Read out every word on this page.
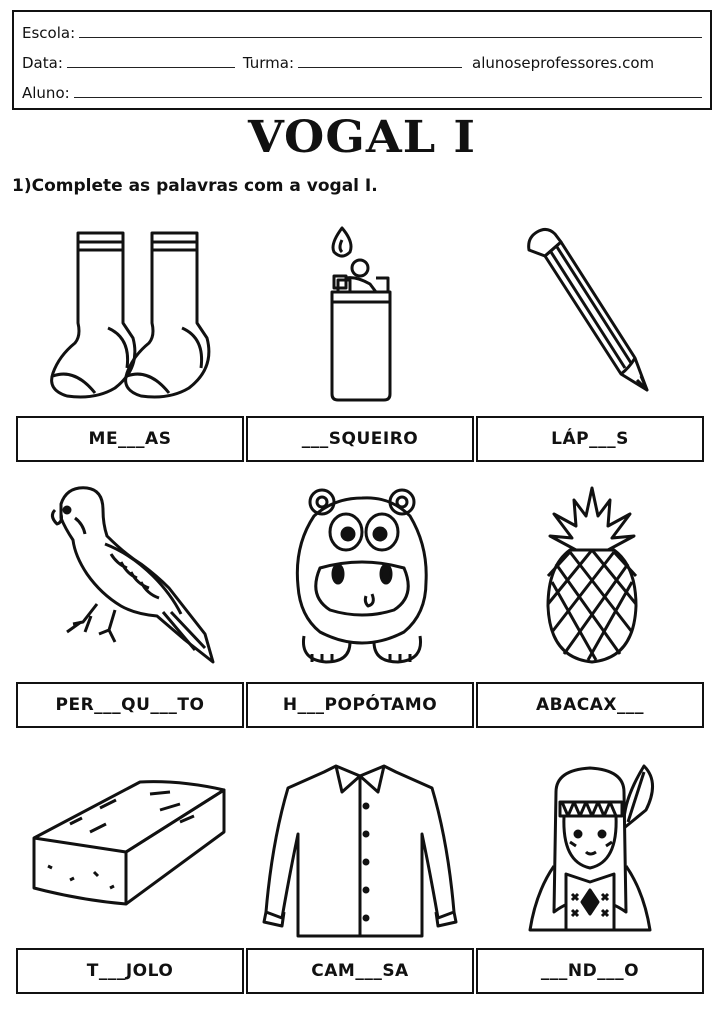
Escola:
Data:	Turma:	alunoseprofessores.com
Aluno:
VOGAL I
1)Complete as palavras com a vogal I.
ME___AS	___SQUEIRO	LÁP___S
PER___QU___TO	H___POPÓTAMO	ABACAX___
T___JOLO	CAM___SA	___ND___O
